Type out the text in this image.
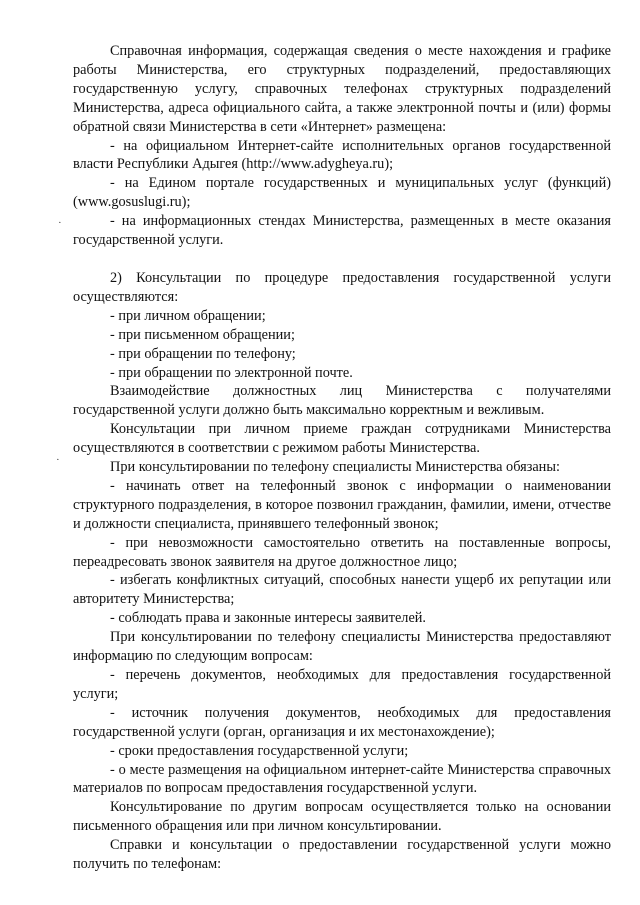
Справочная информация, содержащая сведения о месте нахождения и графике работы Министерства, его структурных подразделений, предоставляющих государственную услугу, справочных телефонах структурных подразделений Министерства, адреса официального сайта, а также электронной почты и (или) формы обратной связи Министерства в сети «Интернет» размещена:

- на официальном Интернет-сайте исполнительных органов государственной власти Республики Адыгея (http://www.adygheya.ru);

- на Едином портале государственных и муниципальных услуг (функций) (www.gosuslugi.ru);

- на информационных стендах Министерства, размещенных в месте оказания государственной услуги.

2) Консультации по процедуре предоставления государственной услуги осуществляются:

- при личном обращении;

- при письменном обращении;

- при обращении по телефону;

- при обращении по электронной почте.

Взаимодействие должностных лиц Министерства с получателями государственной услуги должно быть максимально корректным и вежливым.

Консультации при личном приеме граждан сотрудниками Министерства осуществляются в соответствии с режимом работы Министерства.

При консультировании по телефону специалисты Министерства обязаны:

- начинать ответ на телефонный звонок с информации о наименовании структурного подразделения, в которое позвонил гражданин, фамилии, имени, отчестве и должности специалиста, принявшего телефонный звонок;

- при невозможности самостоятельно ответить на поставленные вопросы, переадресовать звонок заявителя на другое должностное лицо;

- избегать конфликтных ситуаций, способных нанести ущерб их репутации или авторитету Министерства;

- соблюдать права и законные интересы заявителей.

При консультировании по телефону специалисты Министерства предоставляют информацию по следующим вопросам:

- перечень документов, необходимых для предоставления государственной услуги;

- источник получения документов, необходимых для предоставления государственной услуги (орган, организация и их местонахождение);

- сроки предоставления государственной услуги;

- о месте размещения на официальном интернет-сайте Министерства справочных материалов по вопросам предоставления государственной услуги.

Консультирование по другим вопросам осуществляется только на основании письменного обращения или при личном консультировании.

Справки и консультации о предоставлении государственной услуги можно получить по телефонам:

·
·
